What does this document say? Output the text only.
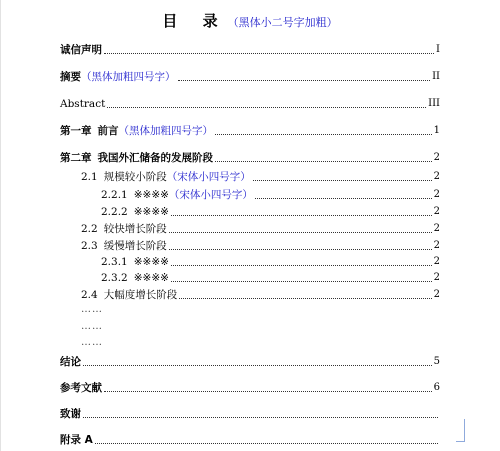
目 录（黑体小二号字加粗）
诚信声明	I
摘要 （黑体加粗四号字）	II
Abstract	III
第一章 前言 （黑体加粗四号字）	1
第二章 我国外汇储备的发展阶段	2
2.1 规模较小阶段 （宋体小四号字）	2
2.2.1 ※※※※ （宋体小四号字）	2
2.2.2 ※※※※	2
2.2 较快增长阶段	2
2.3 缓慢增长阶段	2
2.3.1 ※※※※	2
2.3.2 ※※※※	2
2.4 大幅度增长阶段	2
……
……
……
结论	5
参考文献	6
致谢
附录 A
